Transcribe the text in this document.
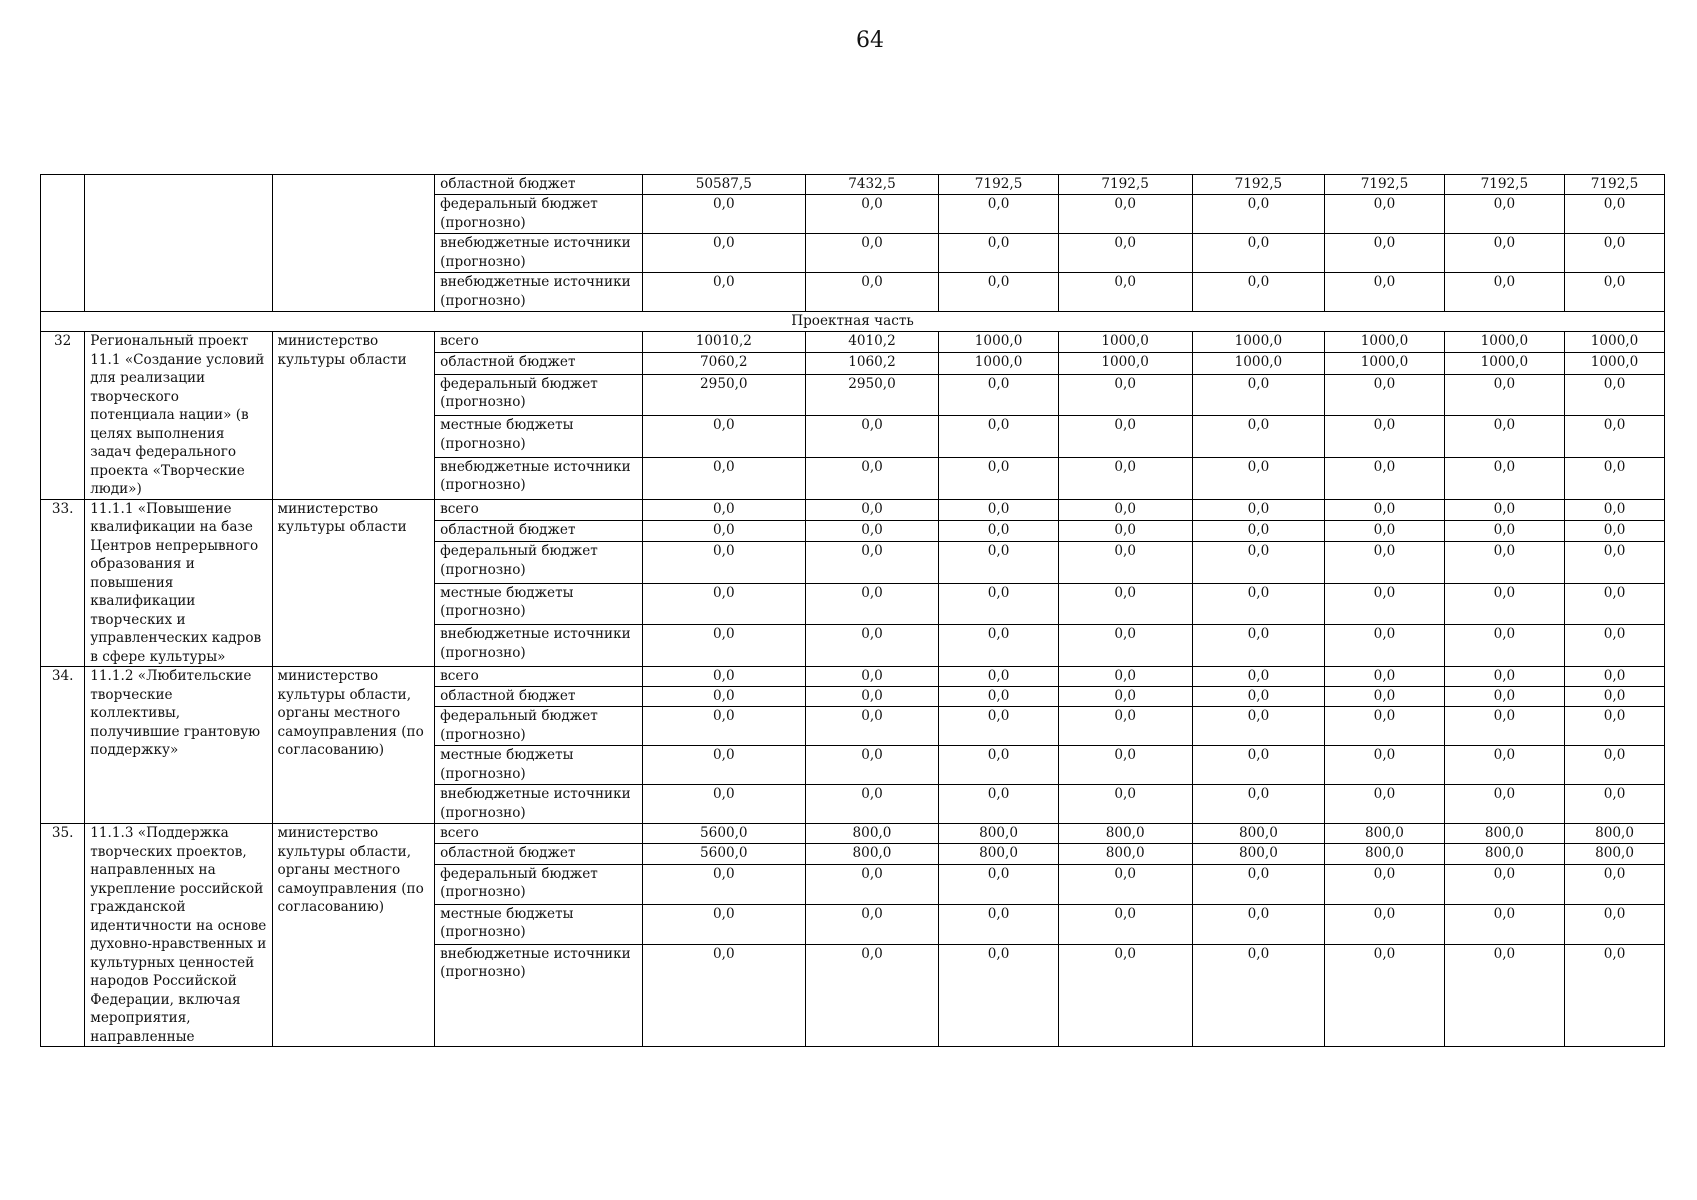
64
			областной бюджет	50587,5	7432,5	7192,5	7192,5	7192,5	7192,5	7192,5	7192,5
			федеральный бюджет (прогнозно)	0,0	0,0	0,0	0,0	0,0	0,0	0,0	0,0
			внебюджетные источники (прогнозно)	0,0	0,0	0,0	0,0	0,0	0,0	0,0	0,0
			внебюджетные источники (прогнозно)	0,0	0,0	0,0	0,0	0,0	0,0	0,0	0,0
Проектная часть											
32	Региональный проект 11.1 «Создание условий для реализации творческого потенциала нации» (в целях выполнения задач федерального проекта «Творческие люди»)	министерство культуры области	всего	10010,2	4010,2	1000,0	1000,0	1000,0	1000,0	1000,0	1000,0
			областной бюджет	7060,2	1060,2	1000,0	1000,0	1000,0	1000,0	1000,0	1000,0
			федеральный бюджет (прогнозно)	2950,0	2950,0	0,0	0,0	0,0	0,0	0,0	0,0
			местные бюджеты (прогнозно)	0,0	0,0	0,0	0,0	0,0	0,0	0,0	0,0
			внебюджетные источники (прогнозно)	0,0	0,0	0,0	0,0	0,0	0,0	0,0	0,0
33.	11.1.1 «Повышение квалификации на базе Центров непрерывного образования и повышения квалификации творческих и управленческих кадров в сфере культуры»	министерство культуры области	всего	0,0	0,0	0,0	0,0	0,0	0,0	0,0	0,0
			областной бюджет	0,0	0,0	0,0	0,0	0,0	0,0	0,0	0,0
			федеральный бюджет (прогнозно)	0,0	0,0	0,0	0,0	0,0	0,0	0,0	0,0
			местные бюджеты (прогнозно)	0,0	0,0	0,0	0,0	0,0	0,0	0,0	0,0
			внебюджетные источники (прогнозно)	0,0	0,0	0,0	0,0	0,0	0,0	0,0	0,0
34.	11.1.2 «Любительские творческие коллективы, получившие грантовую поддержку»	министерство культуры области, органы местного самоуправления (по согласованию)	всего	0,0	0,0	0,0	0,0	0,0	0,0	0,0	0,0
			областной бюджет	0,0	0,0	0,0	0,0	0,0	0,0	0,0	0,0
			федеральный бюджет (прогнозно)	0,0	0,0	0,0	0,0	0,0	0,0	0,0	0,0
			местные бюджеты (прогнозно)	0,0	0,0	0,0	0,0	0,0	0,0	0,0	0,0
			внебюджетные источники (прогнозно)	0,0	0,0	0,0	0,0	0,0	0,0	0,0	0,0
35.	11.1.3 «Поддержка творческих проектов, направленных на укрепление российской гражданской идентичности на основе духовно-нравственных и культурных ценностей народов Российской Федерации, включая мероприятия, направленные	министерство культуры области, органы местного самоуправления (по согласованию)	всего	5600,0	800,0	800,0	800,0	800,0	800,0	800,0	800,0
			областной бюджет	5600,0	800,0	800,0	800,0	800,0	800,0	800,0	800,0
			федеральный бюджет (прогнозно)	0,0	0,0	0,0	0,0	0,0	0,0	0,0	0,0
			местные бюджеты (прогнозно)	0,0	0,0	0,0	0,0	0,0	0,0	0,0	0,0
			внебюджетные источники (прогнозно)	0,0	0,0	0,0	0,0	0,0	0,0	0,0	0,0
